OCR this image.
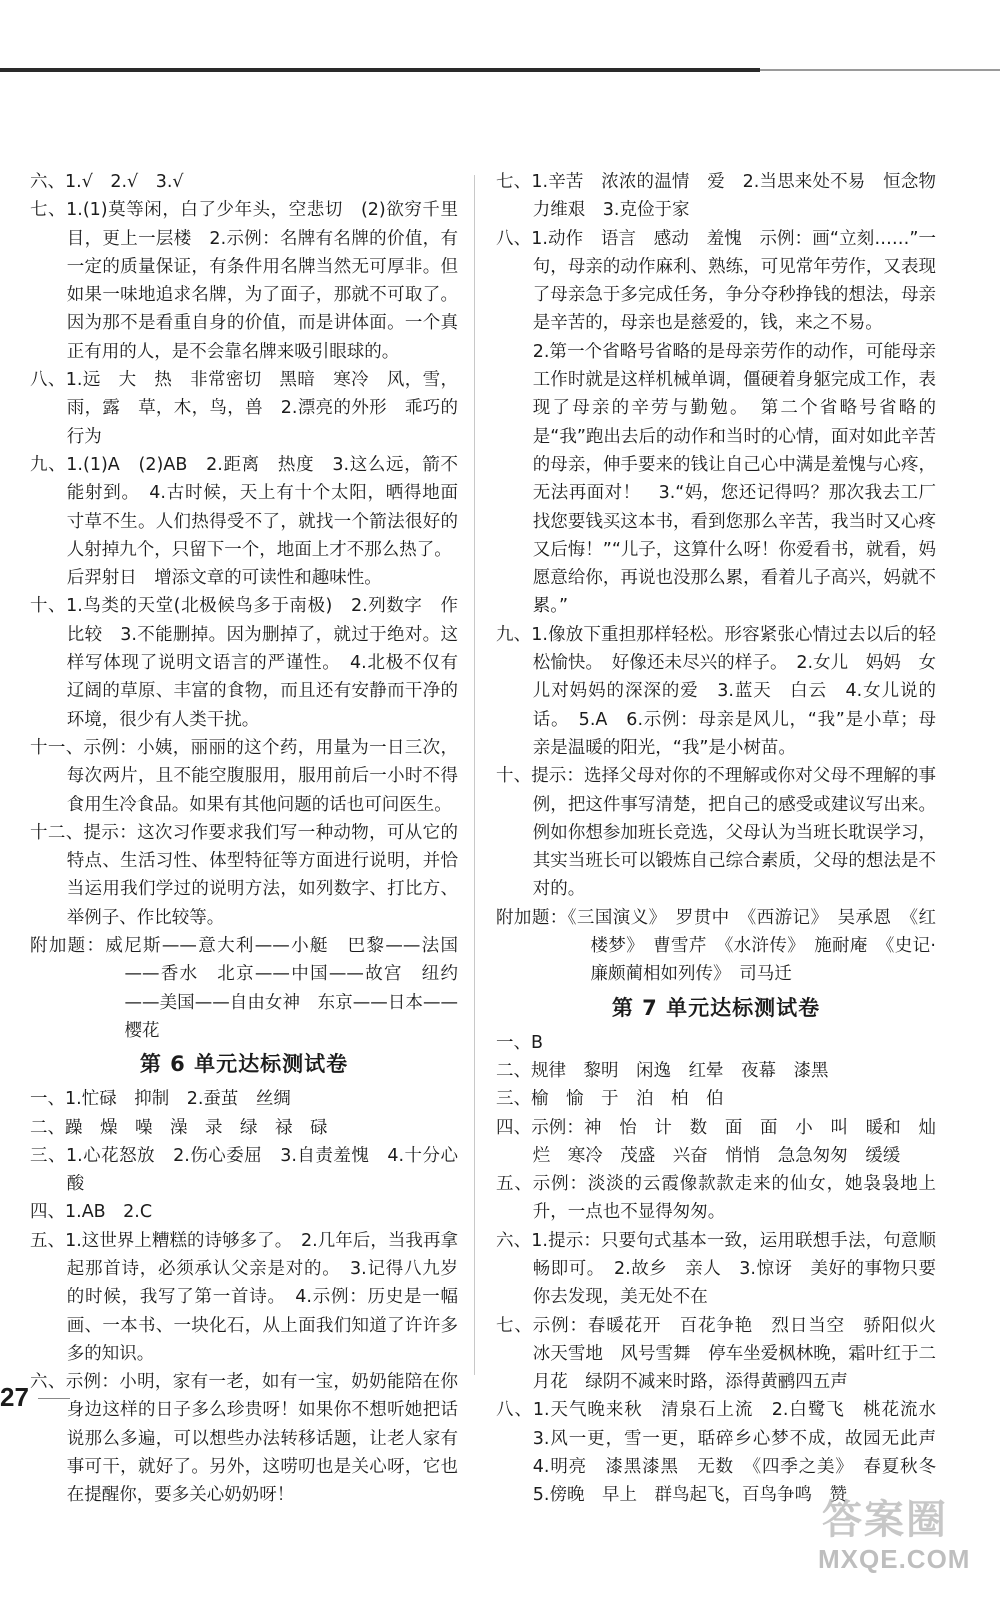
六、1.√　2.√　3.√

七、1.(1)莫等闲，白了少年头，空悲切　(2)欲穷千里目，更上一层楼　2.示例：名牌有名牌的价值，有一定的质量保证，有条件用名牌当然无可厚非。但如果一味地追求名牌，为了面子，那就不可取了。因为那不是看重自身的价值，而是讲体面。一个真正有用的人，是不会靠名牌来吸引眼球的。

八、1.远　大　热　非常密切　黑暗　寒冷　风，雪，雨，露　草，木，鸟，兽　2.漂亮的外形　乖巧的行为

九、1.(1)A　(2)AB　2.距离　热度　3.这么远，箭不能射到。　4.古时候，天上有十个太阳，晒得地面寸草不生。人们热得受不了，就找一个箭法很好的人射掉九个，只留下一个，地面上才不那么热了。

后羿射日　增添文章的可读性和趣味性。

十、1.鸟类的天堂(北极候鸟多于南极)　2.列数字　作比较　3.不能删掉。因为删掉了，就过于绝对。这样写体现了说明文语言的严谨性。　4.北极不仅有辽阔的草原、丰富的食物，而且还有安静而干净的环境，很少有人类干扰。

十一、示例：小姨，丽丽的这个药，用量为一日三次，每次两片，且不能空腹服用，服用前后一小时不得食用生冷食品。如果有其他问题的话也可问医生。

十二、提示：这次习作要求我们写一种动物，可从它的特点、生活习性、体型特征等方面进行说明，并恰当运用我们学过的说明方法，如列数字、打比方、举例子、作比较等。

附加题：威尼斯——意大利——小艇　巴黎——法国——香水　北京——中国——故宫　纽约——美国——自由女神　东京——日本——樱花

第 6 单元达标测试卷

一、1.忙碌　抑制　2.蚕茧　丝绸

二、躁　燥　噪　澡　录　绿　禄　碌

三、1.心花怒放　2.伤心委屈　3.自责羞愧　4.十分心酸

四、1.AB　2.C

五、1.这世界上糟糕的诗够多了。　2.几年后，当我再拿起那首诗，必须承认父亲是对的。　3.记得八九岁的时候，我写了第一首诗。　4.示例：历史是一幅画、一本书、一块化石，从上面我们知道了许许多多的知识。

六、示例：小明，家有一老，如有一宝，奶奶能陪在你身边这样的日子多么珍贵呀！如果你不想听她把话说那么多遍，可以想些办法转移话题，让老人家有事可干，就好了。另外，这唠叨也是关心呀，它也在提醒你，要多关心奶奶呀！

七、1.辛苦　浓浓的温情　爱　2.当思来处不易　恒念物力维艰　3.克俭于家

八、1.动作　语言　感动　羞愧　示例：画“立刻……”一句，母亲的动作麻利、熟练，可见常年劳作，又表现了母亲急于多完成任务，争分夺秒挣钱的想法，母亲是辛苦的，母亲也是慈爱的，钱，来之不易。

2.第一个省略号省略的是母亲劳作的动作，可能母亲工作时就是这样机械单调，僵硬着身躯完成工作，表现了母亲的辛劳与勤勉。　第二个省略号省略的是“我”跑出去后的动作和当时的心情，面对如此辛苦的母亲，伸手要来的钱让自己心中满是羞愧与心疼，无法再面对！　3.“妈，您还记得吗？那次我去工厂找您要钱买这本书，看到您那么辛苦，我当时又心疼又后悔！”“儿子，这算什么呀！你爱看书，就看，妈愿意给你，再说也没那么累，看着儿子高兴，妈就不累。”

九、1.像放下重担那样轻松。形容紧张心情过去以后的轻松愉快。　好像还未尽兴的样子。　2.女儿　妈妈　女儿对妈妈的深深的爱　3.蓝天　白云　4.女儿说的话。　5.A　6.示例：母亲是风儿，“我”是小草；母亲是温暖的阳光，“我”是小树苗。

十、提示：选择父母对你的不理解或你对父母不理解的事例，把这件事写清楚，把自己的感受或建议写出来。例如你想参加班长竞选，父母认为当班长耽误学习，其实当班长可以锻炼自己综合素质，父母的想法是不对的。

附加题：《三国演义》　罗贯中　《西游记》　吴承恩　《红楼梦》　曹雪芹　《水浒传》　施耐庵　《史记·廉颇蔺相如列传》　司马迁

第 7 单元达标测试卷

一、B

二、规律　黎明　闲逸　红晕　夜幕　漆黑

三、榆　愉　于　泊　柏　伯

四、示例：神　怡　计　数　面　面　小　叫　暖和　灿烂　寒冷　茂盛　兴奋　悄悄　急急匆匆　缓缓

五、示例：淡淡的云霞像款款走来的仙女，她袅袅地上升，一点也不显得匆匆。

六、1.提示：只要句式基本一致，运用联想手法，句意顺畅即可。　2.故乡　亲人　3.惊讶　美好的事物只要你去发现，美无处不在

七、示例：春暖花开　百花争艳　烈日当空　骄阳似火　冰天雪地　风号雪舞　停车坐爱枫林晚，霜叶红于二月花　绿阴不减来时路，添得黄鹂四五声

八、1.天气晚来秋　清泉石上流　2.白鹭飞　桃花流水　3.风一更，雪一更，聒碎乡心梦不成，故园无此声　4.明亮　漆黑漆黑　无数　《四季之美》　春夏秋冬　5.傍晚　早上　群鸟起飞，百鸟争鸣　赞

27
答案圈
MXQE.COM
